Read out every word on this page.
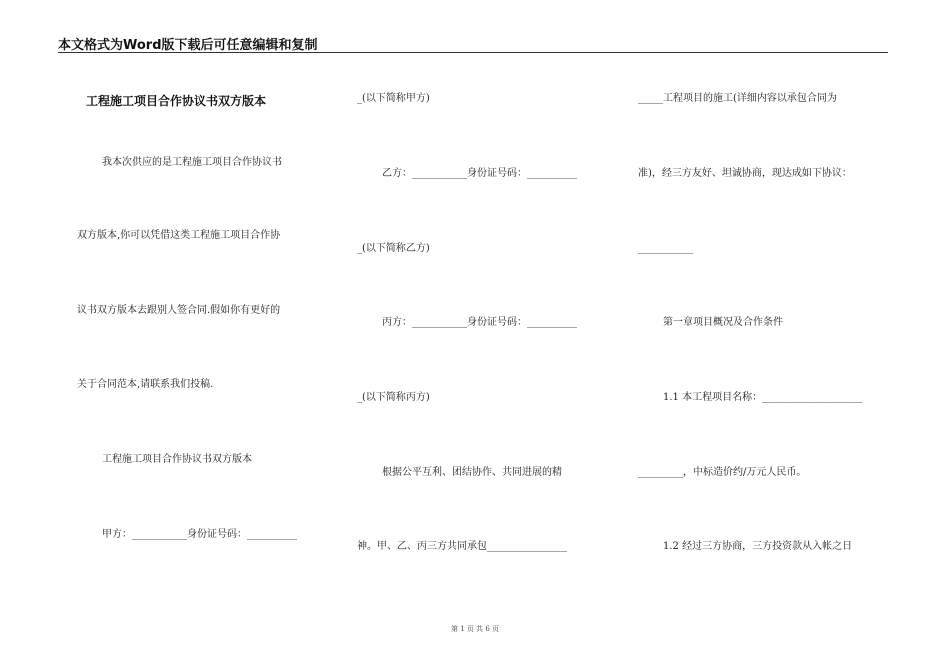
本文格式为Word版下载后可任意编辑和复制
工程施工项目合作协议书双方版本
我本次供应的是工程施工项目合作协议书
双方版本,你可以凭借这类工程施工项目合作协
议书双方版本去跟别人签合同.假如你有更好的
关于合同范本,请联系我们投稿.
工程施工项目合作协议书双方版本
甲方：___________身份证号码：__________
_(以下简称甲方)
乙方：___________身份证号码：__________
_(以下简称乙方)
丙方：___________身份证号码：__________
_(以下简称丙方)
根据公平互利、团结协作、共同进展的精
神。甲、乙、丙三方共同承包________________
_____工程项目的施工(详细内容以承包合同为
准)，经三方友好、坦诚协商，现达成如下协议：
___________
第一章项目概况及合作条件
1.1 本工程项目名称：____________________
_________，中标造价约/万元人民币。
1.2 经过三方协商，三方投资款从入帐之日
第 1 页 共 6 页
